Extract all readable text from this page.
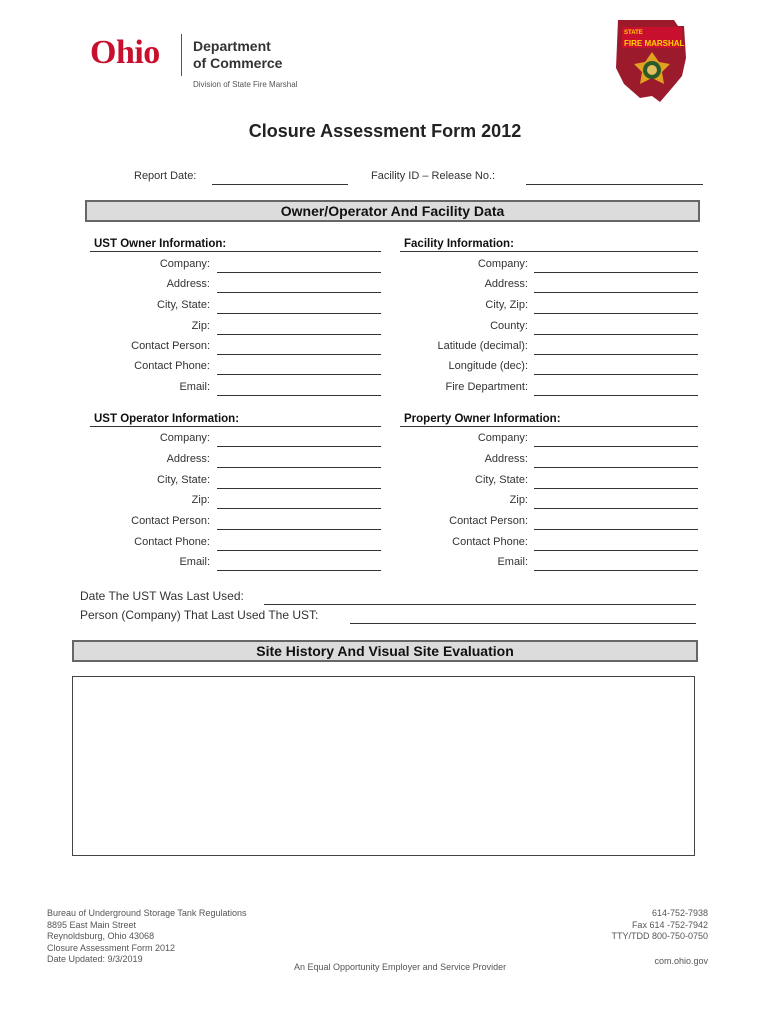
Ohio Department
of Commerce
Division of State Fire Marshal
STATE
FIRE MARSHAL
Closure Assessment Form 2012
Report Date:	Facility ID – Release No.:
Owner/Operator And Facility Data
UST Owner Information:
Company:
Address:
City, State:
Zip:
Contact Person:
Contact Phone:
Email:
Facility Information:
Company:
Address:
City, Zip:
County:
Latitude (decimal):
Longitude (dec):
Fire Department:
UST Operator Information:
Company:
Address:
City, State:
Zip:
Contact Person:
Contact Phone:
Email:
Property Owner Information:
Company:
Address:
City, State:
Zip:
Contact Person:
Contact Phone:
Email:
Date The UST Was Last Used:
Person (Company) That Last Used The UST:
Site History And Visual Site Evaluation
Bureau of Underground Storage Tank Regulations
8895 East Main Street
Reynoldsburg, Ohio 43068
Closure Assessment Form 2012
Date Updated: 9/3/2019
An Equal Opportunity Employer and Service Provider
614-752-7938
Fax 614 -752-7942
TTY/TDD 800-750-0750
com.ohio.gov
